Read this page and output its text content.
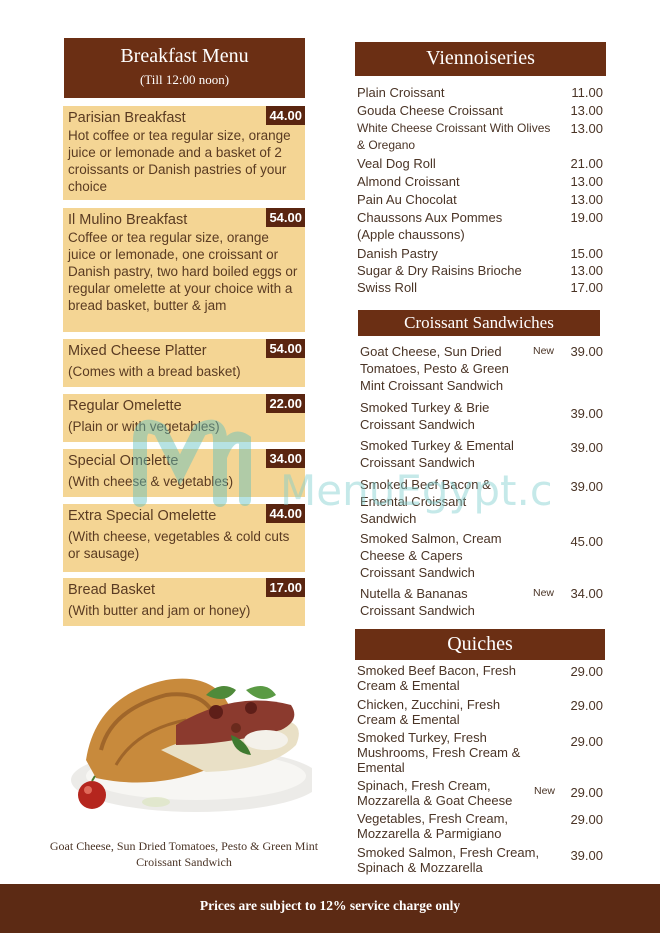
Breakfast Menu
(Till 12:00 noon)
44.00
Parisian Breakfast
Hot coffee or tea regular size, orange juice or lemonade and a basket of 2 croissants or Danish pastries of your choice
54.00
Il Mulino Breakfast
Coffee or tea regular size, orange juice or lemonade, one croissant or Danish pastry, two hard boiled eggs or regular omelette at your choice with a bread basket, butter & jam
54.00
Mixed Cheese Platter
(Comes with a bread basket)
22.00
Regular Omelette
(Plain or with vegetables)
34.00
Special Omelette
(With cheese & vegetables)
44.00
Extra Special Omelette
(With cheese, vegetables & cold cuts or sausage)
17.00
Bread Basket
(With butter and jam or honey)
Goat Cheese, Sun Dried Tomatoes, Pesto & Green Mint Croissant Sandwich
Viennoiseries
Plain Croissant	11.00
Gouda Cheese Croissant	13.00
White Cheese Croissant With Olives & Oregano
13.00
Veal Dog Roll	21.00
Almond Croissant	13.00
Pain Au Chocolat	13.00
Chaussons Aux Pommes (Apple chaussons)
19.00
Danish Pastry	15.00
Sugar & Dry Raisins Brioche	13.00
Swiss Roll	17.00
Croissant Sandwiches
Goat Cheese, Sun Dried Tomatoes, Pesto & Green Mint Croissant Sandwich
New 39.00
Smoked Turkey & Brie Croissant Sandwich
39.00
Smoked Turkey & Emental Croissant Sandwich
39.00
Smoked Beef Bacon & Emental Croissant Sandwich
39.00
Smoked Salmon, Cream Cheese & Capers Croissant Sandwich
45.00
Nutella & Bananas Croissant Sandwich
New 34.00
Quiches
Smoked Beef Bacon, Fresh Cream & Emental
29.00
Chicken, Zucchini, Fresh Cream & Emental
29.00
Smoked Turkey, Fresh Mushrooms, Fresh Cream & Emental
29.00
Spinach, Fresh Cream, Mozzarella & Goat Cheese
New 29.00
Vegetables, Fresh Cream, Mozzarella & Parmigiano
29.00
Smoked Salmon, Fresh Cream, Spinach & Mozzarella
39.00
MenuEgypt.c
Prices are subject to 12% service charge only
